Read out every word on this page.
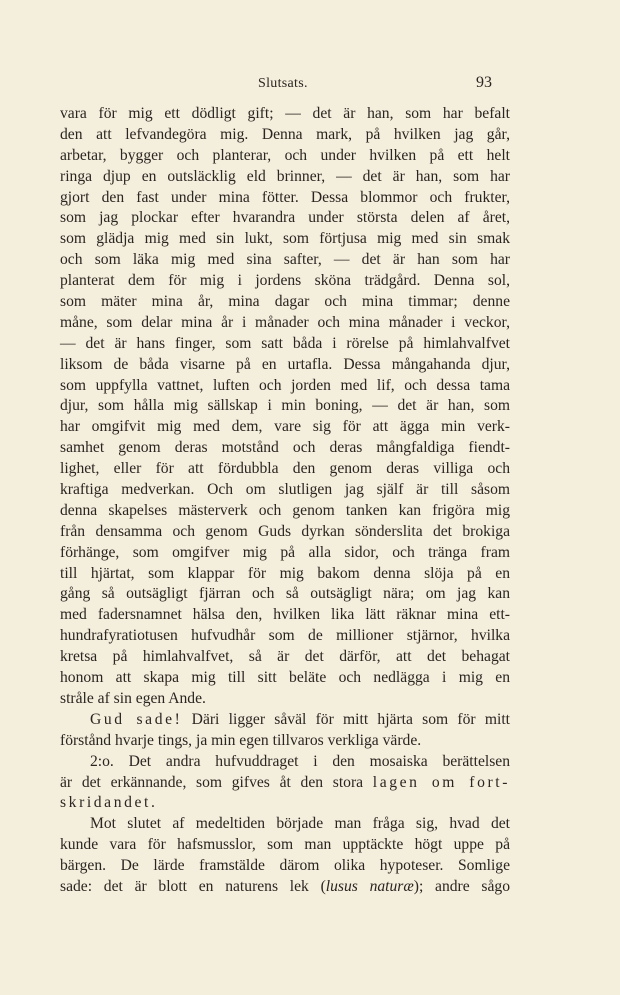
Slutsats.	93
vara för mig ett dödligt gift; — det är han, som har befalt
den att lefvandegöra mig. Denna mark, på hvilken jag går,
arbetar, bygger och planterar, och under hvilken på ett helt
ringa djup en outsläcklig eld brinner, — det är han, som har
gjort den fast under mina fötter. Dessa blommor och frukter,
som jag plockar efter hvarandra under största delen af året,
som glädja mig med sin lukt, som förtjusa mig med sin smak
och som läka mig med sina safter, — det är han som har
planterat dem för mig i jordens sköna trädgård. Denna sol,
som mäter mina år, mina dagar och mina timmar; denne
måne, som delar mina år i månader och mina månader i veckor,
— det är hans finger, som satt båda i rörelse på himlahvalfvet
liksom de båda visarne på en urtafla. Dessa mångahanda djur,
som uppfylla vattnet, luften och jorden med lif, och dessa tama
djur, som hålla mig sällskap i min boning, — det är han, som
har omgifvit mig med dem, vare sig för att ägga min verk-
samhet genom deras motstånd och deras mångfaldiga fiendt-
lighet, eller för att fördubbla den genom deras villiga och
kraftiga medverkan. Och om slutligen jag själf är till såsom
denna skapelses mästerverk och genom tanken kan frigöra mig
från densamma och genom Guds dyrkan sönderslita det brokiga
förhänge, som omgifver mig på alla sidor, och tränga fram
till hjärtat, som klappar för mig bakom denna slöja på en
gång så outsägligt fjärran och så outsägligt nära; om jag kan
med fadersnamnet hälsa den, hvilken lika lätt räknar mina ett-
hundrafyratiotusen hufvudhår som de millioner stjärnor, hvilka
kretsa på himlahvalfvet, så är det därför, att det behagat
honom att skapa mig till sitt beläte och nedlägga i mig en
stråle af sin egen Ande.
Gud sade! Däri ligger såväl för mitt hjärta som för mitt
förstånd hvarje tings, ja min egen tillvaros verkliga värde.
2:o. Det andra hufvuddraget i den mosaiska berättelsen
är det erkännande, som gifves åt den stora lagen om fort-
skridandet.
Mot slutet af medeltiden började man fråga sig, hvad det
kunde vara för hafsmusslor, som man upptäckte högt uppe på
bärgen. De lärde framstälde därom olika hypoteser. Somlige
sade: det är blott en naturens lek (lusus naturæ); andre sågo
